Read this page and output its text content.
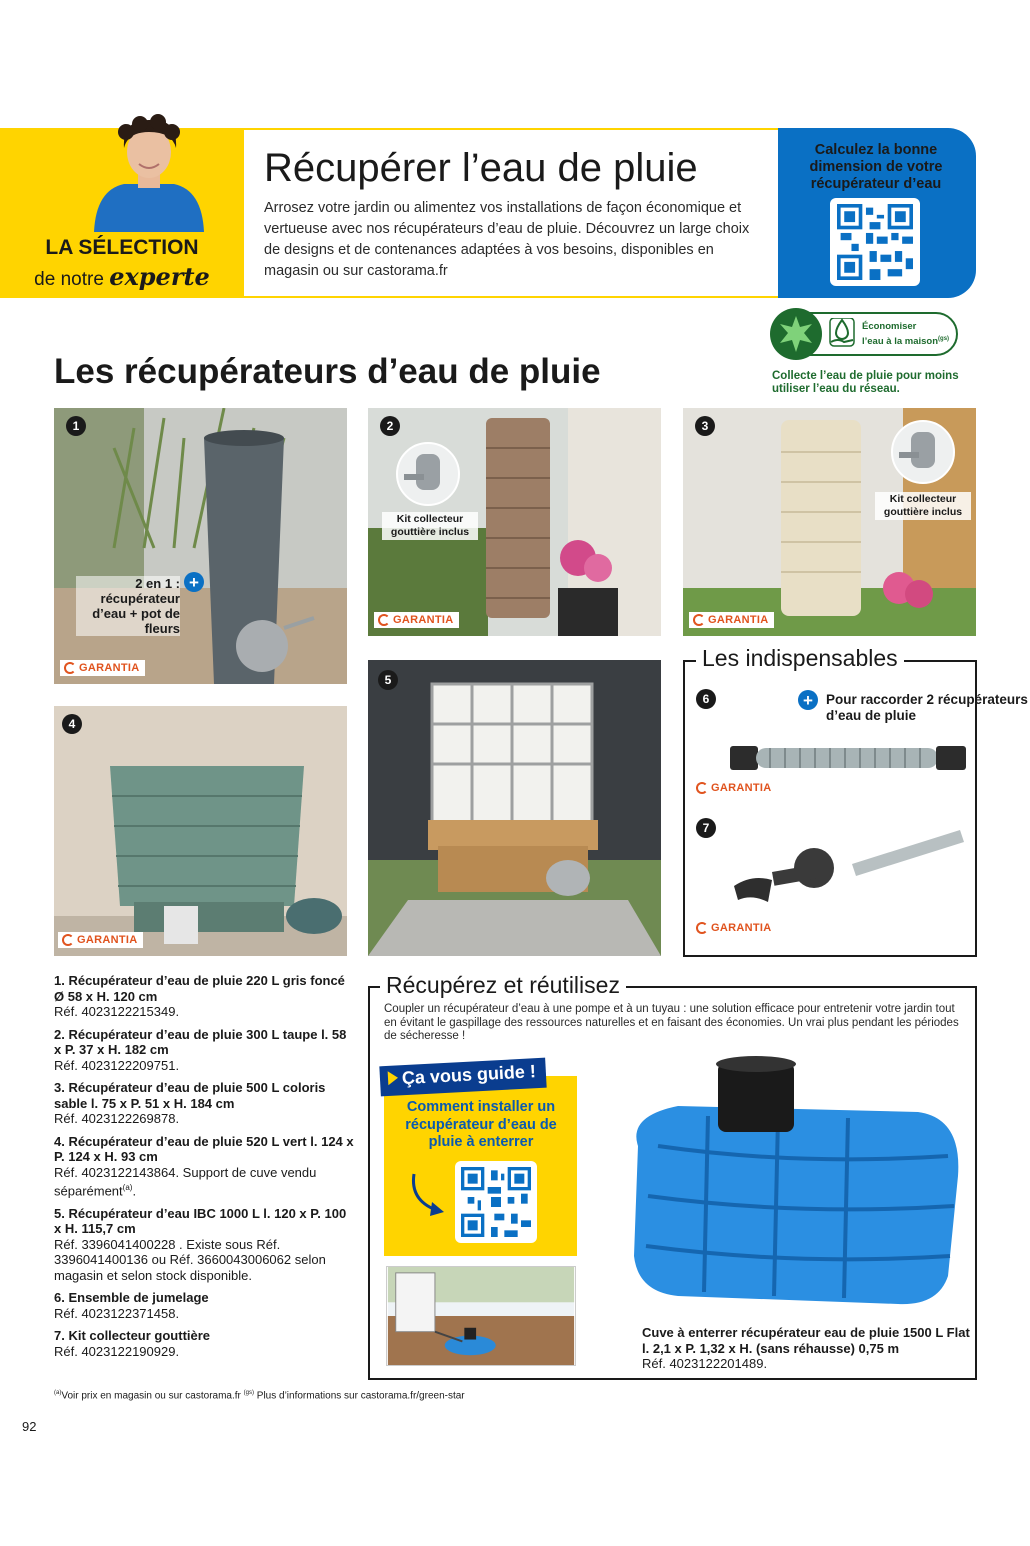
LA SÉLECTION
de notre experte
Récupérer l’eau de pluie

Arrosez votre jardin ou alimentez vos installations de façon économique et vertueuse avec nos récupérateurs d’eau de pluie. Découvrez un large choix de designs et de contenances adaptées à vos besoins, disponibles en magasin ou sur castorama.fr

Calculez la bonne dimension de votre récupérateur d’eau
Économiser
l’eau à la maison$^{(gs)}$
Collecte l’eau de pluie pour moins utiliser l’eau du réseau.
Les récupérateurs d’eau de pluie
1
2 en 1 : récupérateur d’eau + pot de fleurs
+
GARANTIA
2
Kit collecteur gouttière inclus
GARANTIA
3
Kit collecteur gouttière inclus
GARANTIA
4
GARANTIA
5
Les indispensables
6	+ Pour raccorder 2 récupérateurs d’eau de pluie
GARANTIA
7
GARANTIA
1. Récupérateur d’eau de pluie 220 L gris foncé Ø 58 x H. 120 cm
Réf. 4023122215349.
2. Récupérateur d’eau de pluie 300 L taupe l. 58 x P. 37 x H. 182 cm
Réf. 4023122209751.
3. Récupérateur d’eau de pluie 500 L coloris sable l. 75 x P. 51 x H. 184 cm
Réf. 4023122269878.
4. Récupérateur d’eau de pluie 520 L vert l. 124 x P. 124 x H. 93 cm
Réf. 4023122143864. Support de cuve vendu séparément$^{(a)}$.
5. Récupérateur d’eau IBC 1000 L l. 120 x P. 100 x H. 115,7 cm
Réf. 3396041400228 . Existe sous Réf. 3396041400136 ou Réf. 3660043006062 selon magasin et selon stock disponible.
6. Ensemble de jumelage
Réf. 4023122371458.
7. Kit collecteur gouttière
Réf. 4023122190929.
$^{(a)}$Voir prix en magasin ou sur castorama.fr $^{(gs)}$ Plus d’informations sur castorama.fr/green-star
92
Récupérez et réutilisez

Coupler un récupérateur d’eau à une pompe et à un tuyau : une solution efficace pour entretenir votre jardin tout en évitant le gaspillage des ressources naturelles et en faisant des économies. Un vrai plus pendant les périodes de sécheresse !

Ça vous guide !
Comment installer un récupérateur d’eau de pluie à enterrer
Cuve à enterrer récupérateur eau de pluie 1500 L Flat l. 2,1 x P. 1,32 x H. (sans réhausse) 0,75 m
Réf. 4023122201489.
